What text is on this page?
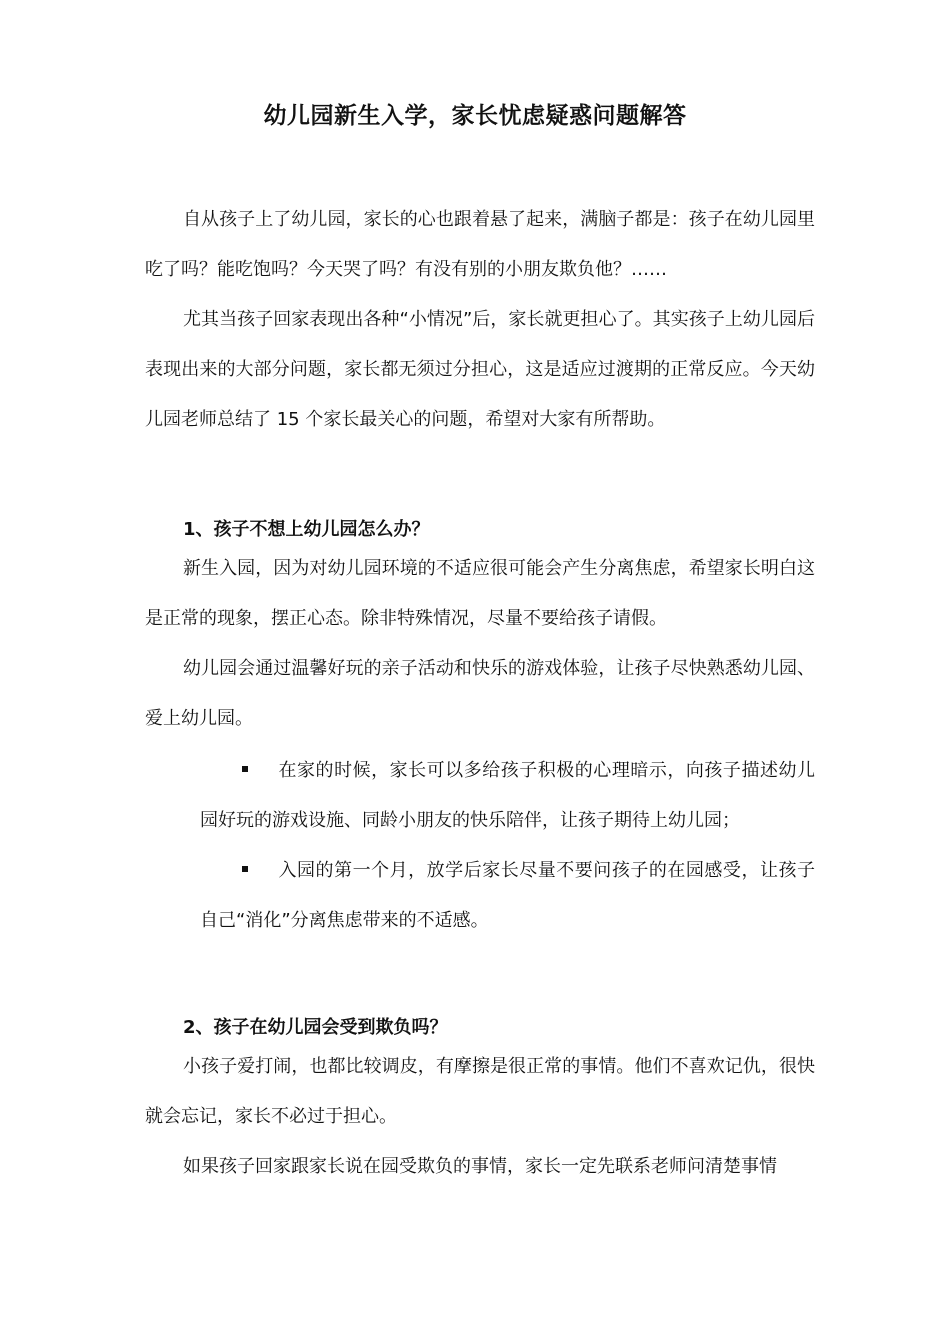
幼儿园新生入学，家长忧虑疑惑问题解答
自从孩子上了幼儿园，家长的心也跟着悬了起来，满脑子都是：孩子在幼儿园里吃了吗？能吃饱吗？今天哭了吗？有没有别的小朋友欺负他？……
尤其当孩子回家表现出各种“小情况”后，家长就更担心了。其实孩子上幼儿园后表现出来的大部分问题，家长都无须过分担心，这是适应过渡期的正常反应。今天幼儿园老师总结了 15 个家长最关心的问题，希望对大家有所帮助。
1、孩子不想上幼儿园怎么办？
新生入园，因为对幼儿园环境的不适应很可能会产生分离焦虑，希望家长明白这是正常的现象，摆正心态。除非特殊情况，尽量不要给孩子请假。
幼儿园会通过温馨好玩的亲子活动和快乐的游戏体验，让孩子尽快熟悉幼儿园、爱上幼儿园。
在家的时候，家长可以多给孩子积极的心理暗示，向孩子描述幼儿园好玩的游戏设施、同龄小朋友的快乐陪伴，让孩子期待上幼儿园；
入园的第一个月，放学后家长尽量不要问孩子的在园感受，让孩子自己“消化”分离焦虑带来的不适感。
2、孩子在幼儿园会受到欺负吗？
小孩子爱打闹，也都比较调皮，有摩擦是很正常的事情。他们不喜欢记仇，很快就会忘记，家长不必过于担心。
如果孩子回家跟家长说在园受欺负的事情，家长一定先联系老师问清楚事情
